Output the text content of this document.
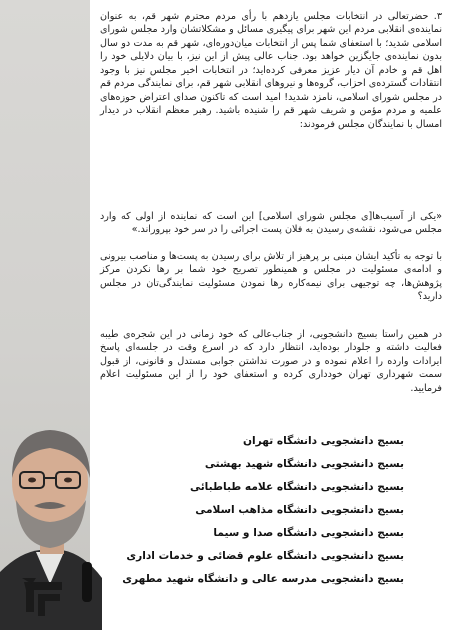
۳. حضرتعالی در انتخابات مجلس یازدهم با رأی مردم محترم شهر قم، به عنوان نماینده‌ی انقلابی مردم این شهر برای پیگیری مسائل و مشکلاتشان وارد مجلس شورای اسلامی شدید؛ با استعفای شما پس از انتخابات میان‌دوره‌ای، شهر قم به مدت دو سال بدون نماینده‌ی جایگزین خواهد بود. جناب عالی پیش از این نیز، با بیان دلایلی خود را اهل قم و خادم آن دیار عزیز معرفی کرده‌اید؛ در انتخابات اخیر مجلس نیز با وجود انتقادات گسترده‌ی احزاب، گروه‌ها و نیروهای انقلابی شهر قم، برای نمایندگی مردم قم در مجلس شورای اسلامی، نامزد شدید! امید است که تاکنون صدای اعتراض حوزه‌های علمیه و مردم مؤمن و شریف شهر قم را شنیده باشید. رهبر معظم انقلاب در دیدار امسال با نمایندگان مجلس فرمودند:

«یکی از آسیب‌ها[ی مجلس شورای اسلامی] این است که نماینده از اولی که وارد مجلس می‌شود، نقشه‌ی رسیدن به فلان پست اجرائی را در سر خود بپروراند.»

با توجه به تأکید ایشان مبنی بر پرهیز از تلاش برای رسیدن به پست‌ها و مناصب بیرونی و ادامه‌ی مسئولیت در مجلس و همینطور تصریح خود شما بر رها نکردن مرکز پژوهش‌ها، چه توجیهی برای نیمه‌کاره رها نمودن مسئولیت نمایندگی‌تان در مجلس دارید؟

در همین راستا بسیج دانشجویی، از جناب‌عالی که خود زمانی در این شجره‌ی طیبه فعالیت داشته و جلودار بوده‌اید، انتظار دارد که در اسرع وقت در جلسه‌ای پاسخ ایرادات وارده را اعلام نموده و در صورت نداشتن جوابی مستدل و قانونی، از قبول سمت شهرداری تهران خودداری کرده و استعفای خود را از این مسئولیت اعلام فرمایید.

بسیج دانشجویی دانشگاه تهران
بسیج دانشجویی دانشگاه شهید بهشتی
بسیج دانشجویی دانشگاه علامه طباطبائی
بسیج دانشجویی دانشگاه مذاهب اسلامی
بسیج دانشجویی دانشگاه صدا و سیما
بسیج دانشجویی دانشگاه علوم قضائی و خدمات اداری
بسیج دانشجویی مدرسه عالی و دانشگاه شهید مطهری
